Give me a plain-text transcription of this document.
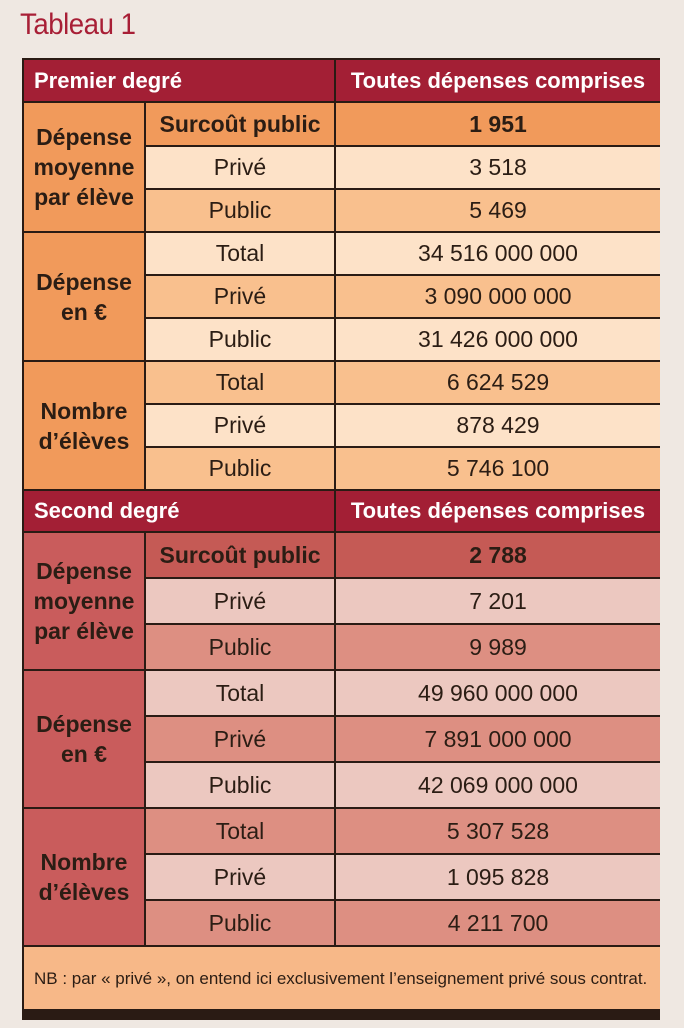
Tableau 1
Premier degré		Toutes dépenses comprises
Dépense moyenne par élève	Surcoût public	1 951
	Privé	3 518
	Public	5 469
Dépense en €	Total	34 516 000 000
	Privé	3 090 000 000
	Public	31 426 000 000
Nombre d’élèves	Total	6 624 529
	Privé	878 429
	Public	5 746 100
Second degré		Toutes dépenses comprises
Dépense moyenne par élève	Surcoût public	2 788
	Privé	7 201
	Public	9 989
Dépense en €	Total	49 960 000 000
	Privé	7 891 000 000
	Public	42 069 000 000
Nombre d’élèves	Total	5 307 528
	Privé	1 095 828
	Public	4 211 700
NB : par « privé », on entend ici exclusivement l’enseignement privé sous contrat.		
